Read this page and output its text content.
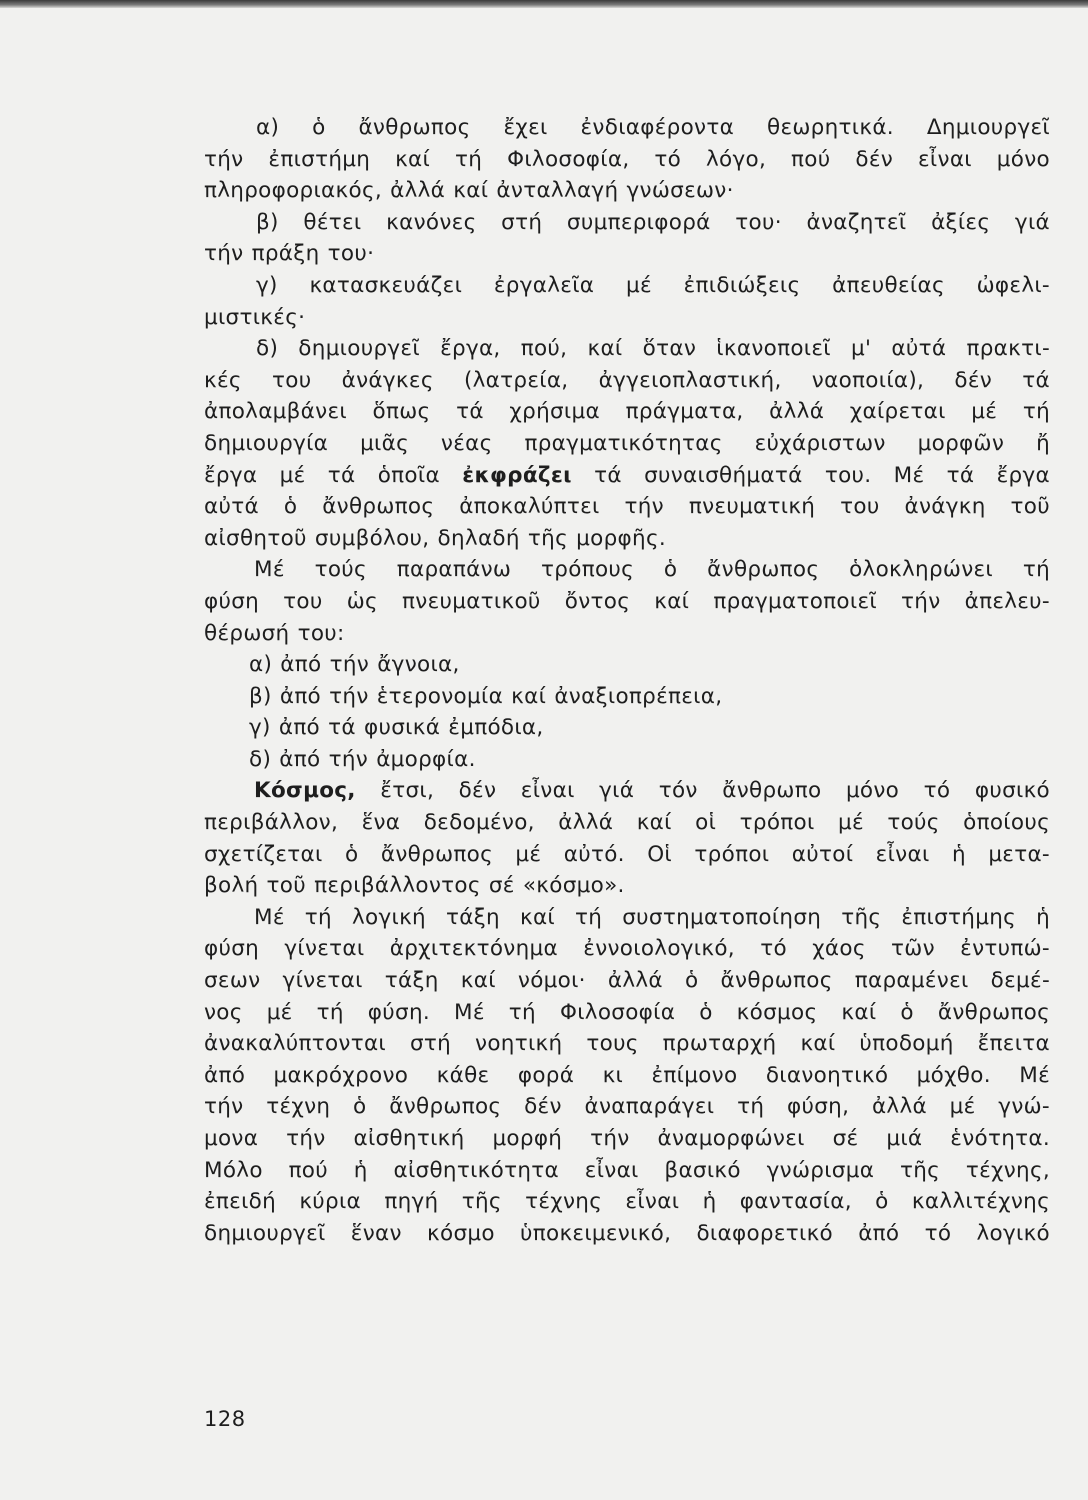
α) ὁ ἄνθρωπος ἔχει ἐνδιαφέροντα θεωρητικά. Δημιουργεῖ
τήν ἐπιστήμη καί τή Φιλοσοφία, τό λόγο, πού δέν εἶναι μόνο
πληροφοριακός, ἀλλά καί ἀνταλλαγή γνώσεων·
β) θέτει κανόνες στή συμπεριφορά του· ἀναζητεῖ ἀξίες γιά
τήν πράξη του·
γ) κατασκευάζει ἐργαλεῖα μέ ἐπιδιώξεις ἀπευθείας ὠφελι-
μιστικές·
δ) δημιουργεῖ ἔργα, πού, καί ὅταν ἱκανοποιεῖ μ' αὐτά πρακτι-
κές του ἀνάγκες (λατρεία, ἀγγειοπλαστική, ναοποιία), δέν τά
ἀπολαμβάνει ὅπως τά χρήσιμα πράγματα, ἀλλά χαίρεται μέ τή
δημιουργία μιᾶς νέας πραγματικότητας εὐχάριστων μορφῶν ἤ
ἔργα μέ τά ὁποῖα ἐκφράζει τά συναισθήματά του. Μέ τά ἔργα
αὐτά ὁ ἄνθρωπος ἀποκαλύπτει τήν πνευματική του ἀνάγκη τοῦ
αἰσθητοῦ συμβόλου, δηλαδή τῆς μορφῆς.
Μέ τούς παραπάνω τρόπους ὁ ἄνθρωπος ὁλοκληρώνει τή
φύση του ὡς πνευματικοῦ ὄντος καί πραγματοποιεῖ τήν ἀπελευ-
θέρωσή του:
α) ἀπό τήν ἄγνοια,
β) ἀπό τήν ἑτερονομία καί ἀναξιοπρέπεια,
γ) ἀπό τά φυσικά ἐμπόδια,
δ) ἀπό τήν ἀμορφία.
Κόσμος, ἔτσι, δέν εἶναι γιά τόν ἄνθρωπο μόνο τό φυσικό
περιβάλλον, ἕνα δεδομένο, ἀλλά καί οἱ τρόποι μέ τούς ὁποίους
σχετίζεται ὁ ἄνθρωπος μέ αὐτό. Οἱ τρόποι αὐτοί εἶναι ἡ μετα-
βολή τοῦ περιβάλλοντος σέ «κόσμο».
Μέ τή λογική τάξη καί τή συστηματοποίηση τῆς ἐπιστήμης ἡ
φύση γίνεται ἀρχιτεκτόνημα ἐννοιολογικό, τό χάος τῶν ἐντυπώ-
σεων γίνεται τάξη καί νόμοι· ἀλλά ὁ ἄνθρωπος παραμένει δεμέ-
νος μέ τή φύση. Μέ τή Φιλοσοφία ὁ κόσμος καί ὁ ἄνθρωπος
ἀνακαλύπτονται στή νοητική τους πρωταρχή καί ὑποδομή ἔπειτα
ἀπό μακρόχρονο κάθε φορά κι ἐπίμονο διανοητικό μόχθο. Μέ
τήν τέχνη ὁ ἄνθρωπος δέν ἀναπαράγει τή φύση, ἀλλά μέ γνώ-
μονα τήν αἰσθητική μορφή τήν ἀναμορφώνει σέ μιά ἑνότητα.
Μόλο πού ἡ αἰσθητικότητα εἶναι βασικό γνώρισμα τῆς τέχνης,
ἐπειδή κύρια πηγή τῆς τέχνης εἶναι ἡ φαντασία, ὁ καλλιτέχνης
δημιουργεῖ ἕναν κόσμο ὑποκειμενικό, διαφορετικό ἀπό τό λογικό
128
